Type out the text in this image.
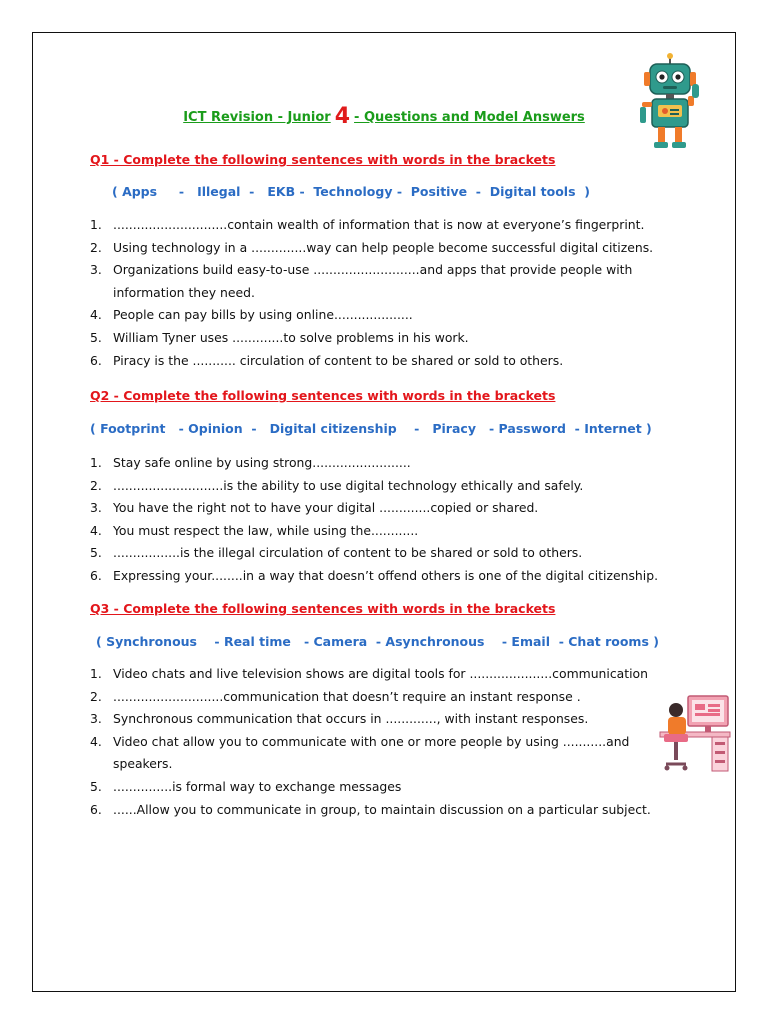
ICT Revision - Junior 4 - Questions and Model Answers
Q1 - Complete the following sentences with words in the brackets
( Apps     -   Illegal  -   EKB -  Technology -  Positive  -  Digital tools  )
1. .............................contain wealth of information that is now at everyone’s fingerprint.
2. Using technology in a ..............way can help people become successful digital citizens.
3. Organizations build easy-to-use ...........................and apps that provide people with information they need.
4. People can pay bills by using online....................
5. William Tyner uses .............to solve problems in his work.
6. Piracy is the ........... circulation of content to be shared or sold to others.
Q2 - Complete the following sentences with words in the brackets
( Footprint   - Opinion  -   Digital citizenship    -   Piracy   - Password  - Internet )
1. Stay safe online by using strong.........................
2. ............................is the ability to use digital technology ethically and safely.
3. You have the right not to have your digital .............copied or shared.
4. You must respect the law, while using the............
5. .................is the illegal circulation of content to be shared or sold to others.
6. Expressing your........in a way that doesn’t offend others is one of the digital citizenship.
Q3 - Complete the following sentences with words in the brackets
( Synchronous    - Real time   - Camera  - Asynchronous    - Email  - Chat rooms )
1. Video chats and live television shows are digital tools for .....................communication
2. ............................communication that doesn’t require an instant response .
3. Synchronous communication that occurs in ............., with instant responses.
4. Video chat allow you to communicate with one or more people by using ...........and speakers.
5. ...............is formal way to exchange messages
6. ......Allow you to communicate in group, to maintain discussion on a particular subject.
